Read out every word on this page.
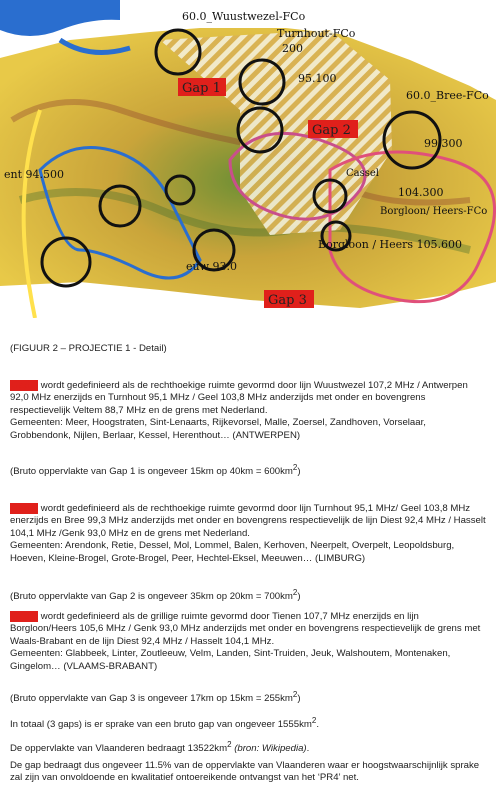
60.0_Wuustwezel-FCo
Turnhout-FCo
200
95.100
60.0_Bree-FCo
99.300
ent 94.500	Cassel
104.300
Borgloon/ Heers-FCo
Borgloon / Heers 105.600
euw 93.0
Gap 1
Gap 2
Gap 3
(FIGUUR 2 – PROJECTIE 1 - Detail)
Gap 1 wordt gedefinieerd als de rechthoekige ruimte gevormd door lijn Wuustwezel 107,2 MHz / Antwerpen 92,0 MHz enerzijds en Turnhout 95,1 MHz / Geel 103,8 MHz anderzijds met onder en bovengrens respectievelijk Veltem 88,7 MHz en de grens met Nederland.
Gemeenten: Meer, Hoogstraten, Sint-Lenaarts, Rijkevorsel, Malle, Zoersel, Zandhoven, Vorselaar, Grobbendonk, Nijlen, Berlaar, Kessel, Herenthout… (ANTWERPEN)
(Bruto oppervlakte van Gap 1 is ongeveer 15km op $40km = 600km^2$)
Gap 2 wordt gedefinieerd als de rechthoekige ruimte gevormd door lijn Turnhout 95,1 MHz/ Geel 103,8 MHz enerzijds en Bree 99,3 MHz anderzijds met onder en bovengrens respectievelijk de lijn Diest 92,4 MHz / Hasselt 104,1 MHz /Genk 93,0 MHz en de grens met Nederland.
Gemeenten: Arendonk, Retie, Dessel, Mol, Lommel, Balen, Kerhoven, Neerpelt, Overpelt, Leopoldsburg, Hoeven, Kleine-Brogel, Grote-Brogel, Peer, Hechtel-Eksel, Meeuwen… (LIMBURG)
(Bruto oppervlakte van Gap 2 is ongeveer 35km op $20km = 700km^2$)
Gap 3 wordt gedefinieerd als de grillige ruimte gevormd door Tienen 107,7 MHz enerzijds en lijn Borgloon/Heers 105,6 MHz / Genk 93,0 MHz anderzijds met onder en bovengrens respectievelijk de grens met Waals-Brabant en de lijn Diest 92,4 MHz / Hasselt 104,1 MHz.
Gemeenten: Glabbeek, Linter, Zoutleeuw, Velm, Landen, Sint-Truiden, Jeuk, Walshoutem, Montenaken, Gingelom… (VLAAMS-BRABANT)
(Bruto oppervlakte van Gap 3 is ongeveer 17km op $15km = 255km^2$)
In totaal (3 gaps) is er sprake van een bruto gap van ongeveer $1555km^2$.
De oppervlakte van Vlaanderen bedraagt $13522km^2$ (bron: Wikipedia).
De gap bedraagt dus ongeveer 11.5% van de oppervlakte van Vlaanderen waar er hoogstwaarschijnlijk sprake zal zijn van onvoldoende en kwalitatief ontoereikende ontvangst van het ‘PR4’ net.
